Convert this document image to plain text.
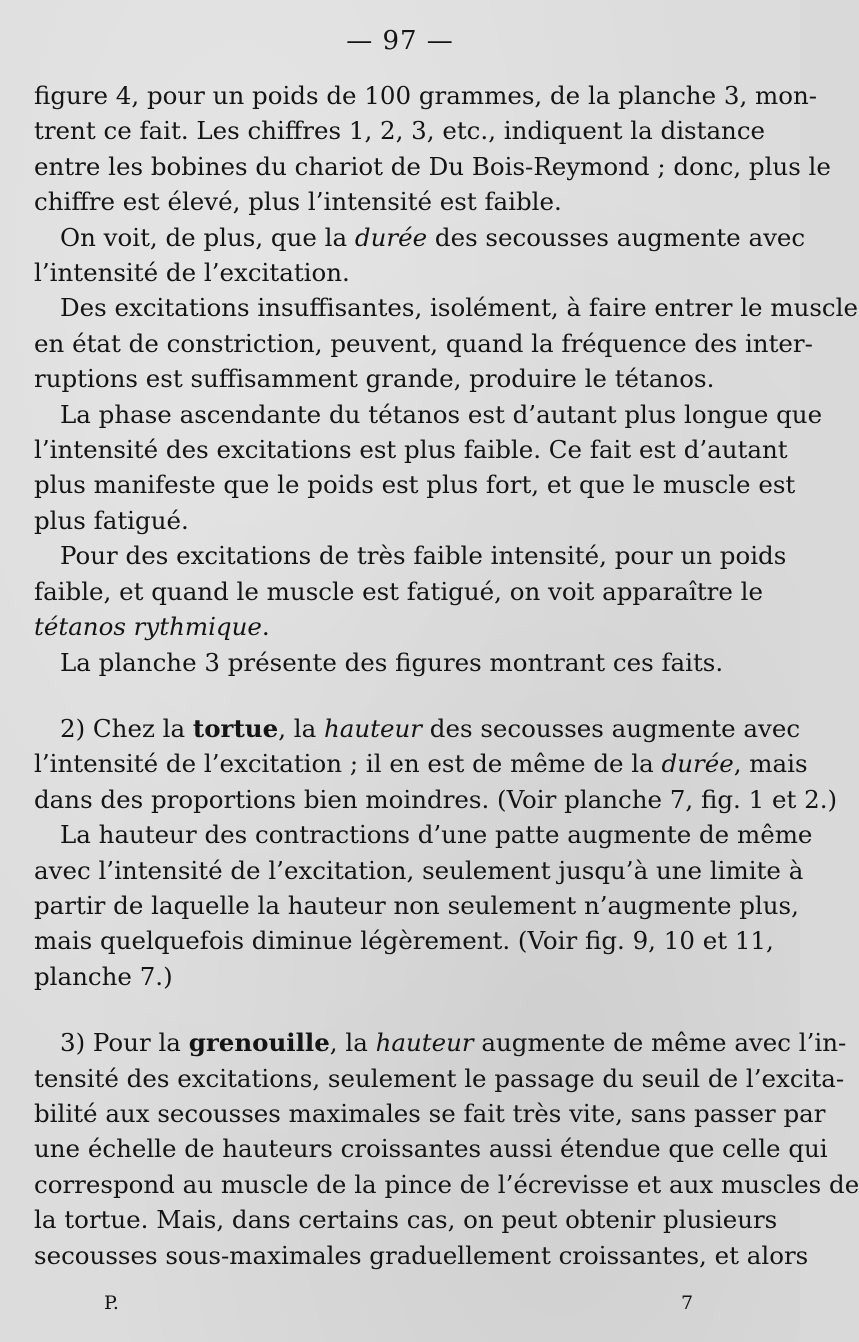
— 97 —

figure 4, pour un poids de 100 grammes, de la planche 3, mon-
trent ce fait. Les chiffres 1, 2, 3, etc., indiquent la distance
entre les bobines du chariot de Du Bois-Reymond ; donc, plus le
chiffre est élevé, plus l’intensité est faible.

On voit, de plus, que la durée des secousses augmente avec
l’intensité de l’excitation.

Des excitations insuffisantes, isolément, à faire entrer le muscle
en état de constriction, peuvent, quand la fréquence des inter-
ruptions est suffisamment grande, produire le tétanos.

La phase ascendante du tétanos est d’autant plus longue que
l’intensité des excitations est plus faible. Ce fait est d’autant
plus manifeste que le poids est plus fort, et que le muscle est
plus fatigué.

Pour des excitations de très faible intensité, pour un poids
faible, et quand le muscle est fatigué, on voit apparaître le
tétanos rythmique.

La planche 3 présente des figures montrant ces faits.

2) Chez la tortue, la hauteur des secousses augmente avec
l’intensité de l’excitation ; il en est de même de la durée, mais
dans des proportions bien moindres. (Voir planche 7, fig. 1 et 2.)

La hauteur des contractions d’une patte augmente de même
avec l’intensité de l’excitation, seulement jusqu’à une limite à
partir de laquelle la hauteur non seulement n’augmente plus,
mais quelquefois diminue légèrement. (Voir fig. 9, 10 et 11,
planche 7.)

3) Pour la grenouille, la hauteur augmente de même avec l’in-
tensité des excitations, seulement le passage du seuil de l’excita-
bilité aux secousses maximales se fait très vite, sans passer par
une échelle de hauteurs croissantes aussi étendue que celle qui
correspond au muscle de la pince de l’écrevisse et aux muscles de
la tortue. Mais, dans certains cas, on peut obtenir plusieurs
secousses sous-maximales graduellement croissantes, et alors

P.	7
